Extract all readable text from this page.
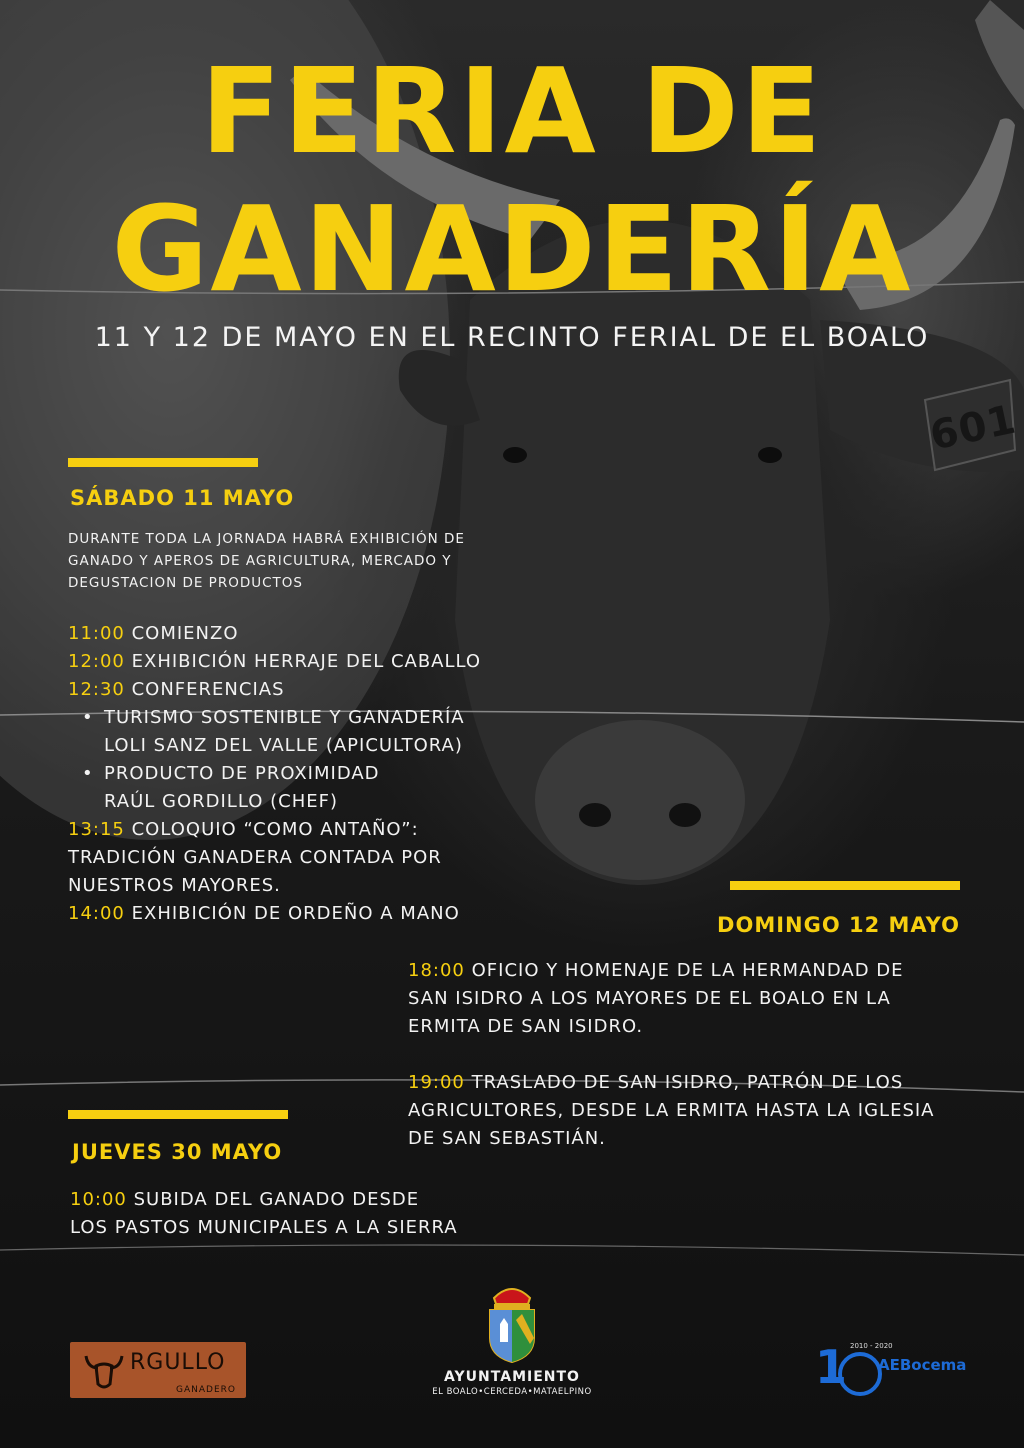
FERIA DE
GANADERÍA
11 Y 12 DE MAYO EN EL RECINTO FERIAL DE EL BOALO
601
SÁBADO 11 MAYO
DURANTE TODA LA JORNADA HABRÁ EXHIBICIÓN DE GANADO Y APEROS DE AGRICULTURA, MERCADO Y DEGUSTACION DE PRODUCTOS
11:00 COMIENZO
12:00 EXHIBICIÓN HERRAJE DEL CABALLO
12:30 CONFERENCIAS
• TURISMO SOSTENIBLE Y GANADERÍA
LOLI SANZ DEL VALLE (APICULTORA)
• PRODUCTO DE PROXIMIDAD
RAÚL GORDILLO (CHEF)
13:15 COLOQUIO “COMO ANTAÑO”:
TRADICIÓN GANADERA CONTADA POR
NUESTROS MAYORES.
14:00 EXHIBICIÓN DE ORDEÑO A MANO	DOMINGO 12 MAYO
18:00 OFICIO Y HOMENAJE DE LA HERMANDAD DE
SAN ISIDRO A LOS MAYORES DE EL BOALO EN LA
ERMITA DE SAN ISIDRO.
19:00 TRASLADO DE SAN ISIDRO, PATRÓN DE LOS
AGRICULTORES, DESDE LA ERMITA HASTA LA IGLESIA
DE SAN SEBASTIÁN.
JUEVES 30 MAYO
10:00 SUBIDA DEL GANADO DESDE
LOS PASTOS MUNICIPALES A LA SIERRA
RGULLO
GANADERO
AYUNTAMIENTO
EL BOALO•CERCEDA•MATAELPINO	1 2010 - 2020
AEBocema
